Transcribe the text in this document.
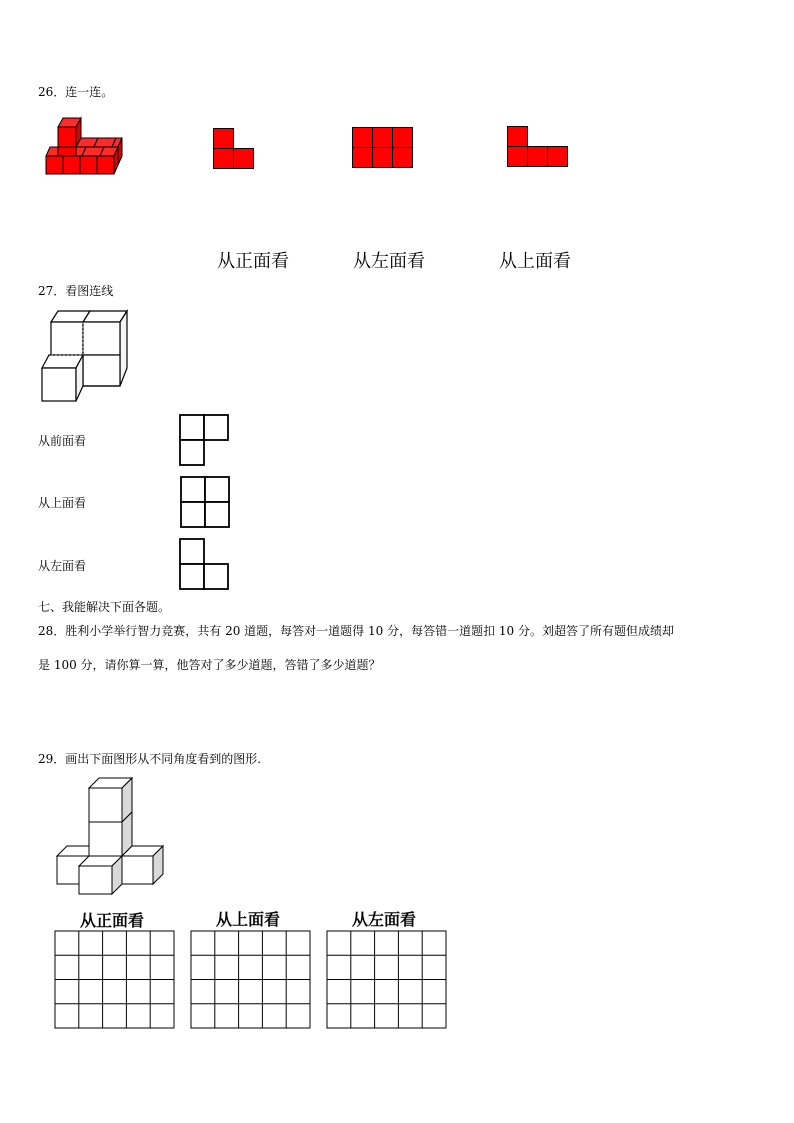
26．连一连。
从正面看	从左面看	从上面看
27．看图连线
从前面看
从上面看
从左面看
七、我能解决下面各题。
28．胜利小学举行智力竞赛，共有 20 道题，每答对一道题得 10 分，每答错一道题扣 10 分。刘超答了所有题但成绩却
是 100 分，请你算一算，他答对了多少道题，答错了多少道题？
29．画出下面图形从不同角度看到的图形.
从正面看	从上面看	从左面看
